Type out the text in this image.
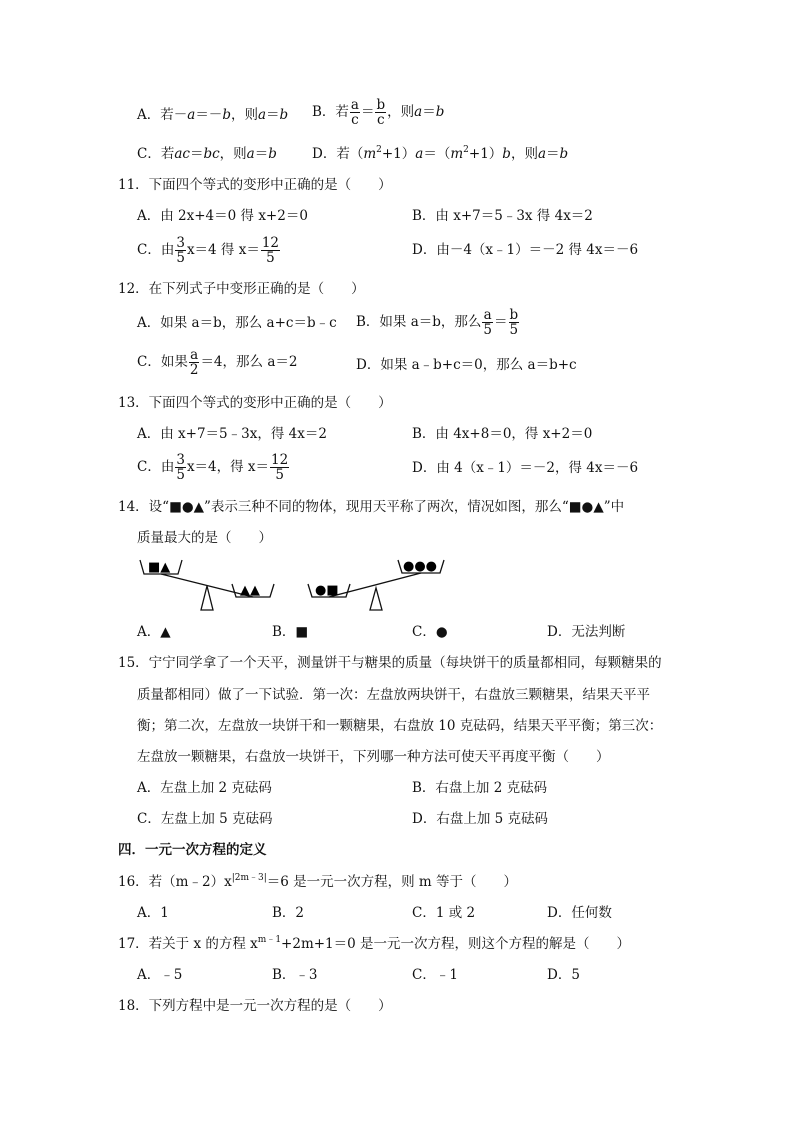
A．若－a＝－b，则a＝b B．若 $\frac{a}{c} = \frac{b}{c}$ ，则a＝b
C．若ac＝bc，则a＝b	D．若$(m^2+1)a=(m^2+1)b$，则a＝b
11．下面四个等式的变形中正确的是（　　）
A．由 2x+4＝0 得 x+2＝0	B．由 x+7＝5﹣3x 得 4x＝2
C．由 $\frac{3}{5} x=4$ 得 $x= \frac{12}{5}$	D．由－4（x﹣1）＝－2 得 4x＝－6
12．在下列式子中变形正确的是（　　）
A．如果 a＝b，那么 a+c＝b﹣c B．如果 a＝b，那么 $\frac{a}{5} = \frac{b}{5}$
C．如果 $\frac{a}{2} =4$，那么 a＝2	D．如果 a﹣b+c＝0，那么 a＝b+c
13．下面四个等式的变形中正确的是（　　）
A．由 x+7＝5﹣3x，得 4x＝2	B．由 4x+8＝0，得 x+2＝0
C．由 $\frac{3}{5} x=4$，得 $x= \frac{12}{5}$	D．由 4（x﹣1）＝－2，得 4x＝－6
14．设“■●▲”表示三种不同的物体，现用天平称了两次，情况如图，那么“■●▲”中
质量最大的是（　　）
■▲
▲▲	●■
●●●
A．▲	B．■	C．●	D．无法判断
15．宁宁同学拿了一个天平，测量饼干与糖果的质量（每块饼干的质量都相同，每颗糖果的
质量都相同）做了一下试验．第一次：左盘放两块饼干，右盘放三颗糖果，结果天平平
衡；第二次，左盘放一块饼干和一颗糖果，右盘放 10 克砝码，结果天平平衡；第三次：
左盘放一颗糖果，右盘放一块饼干，下列哪一种方法可使天平再度平衡（　　）
A．左盘上加 2 克砝码	B．右盘上加 2 克砝码
C．左盘上加 5 克砝码	D．右盘上加 5 克砝码
四．一元一次方程的定义
16．若$(m﹣2)x^{|2m﹣3|}=6$ 是一元一次方程，则 m 等于（　　）
A．1	B．2	C．1 或 2	D．任何数
17．若关于 x 的方程 $x^{m﹣1}+2m+1=0$ 是一元一次方程，则这个方程的解是（　　）
A．﹣5	B．﹣3	C．﹣1	D．5
18．下列方程中是一元一次方程的是（　　）
